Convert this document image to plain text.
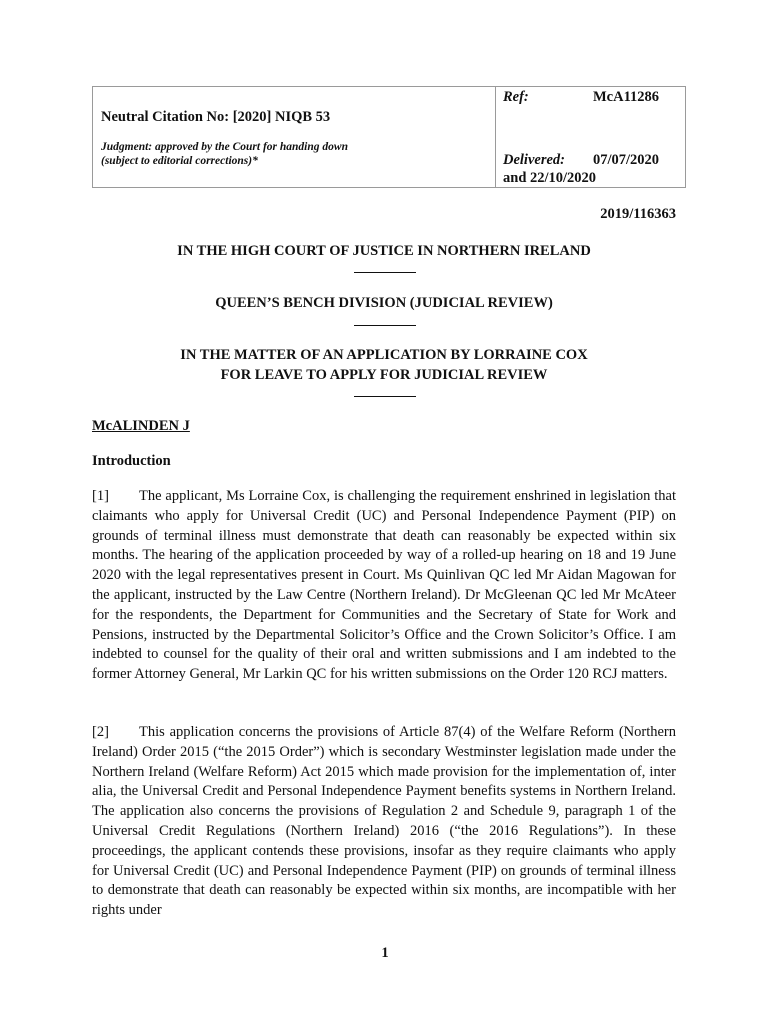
Neutral Citation No: [2020] NIQB 53
Judgment: approved by the Court for handing down
(subject to editorial corrections)*
Ref:	McA11286
Delivered: 07/07/2020
and 22/10/2020
2019/116363
IN THE HIGH COURT OF JUSTICE IN NORTHERN IRELAND
QUEEN’S BENCH DIVISION (JUDICIAL REVIEW)
IN THE MATTER OF AN APPLICATION BY LORRAINE COX
FOR LEAVE TO APPLY FOR JUDICIAL REVIEW
McALINDEN J
Introduction
[1] The applicant, Ms Lorraine Cox, is challenging the requirement enshrined in legislation that claimants who apply for Universal Credit (UC) and Personal Independence Payment (PIP) on grounds of terminal illness must demonstrate that death can reasonably be expected within six months. The hearing of the application proceeded by way of a rolled-up hearing on 18 and 19 June 2020 with the legal representatives present in Court. Ms Quinlivan QC led Mr Aidan Magowan for the applicant, instructed by the Law Centre (Northern Ireland). Dr McGleenan QC led Mr McAteer for the respondents, the Department for Communities and the Secretary of State for Work and Pensions, instructed by the Departmental Solicitor’s Office and the Crown Solicitor’s Office. I am indebted to counsel for the quality of their oral and written submissions and I am indebted to the former Attorney General, Mr Larkin QC for his written submissions on the Order 120 RCJ matters.
[2] This application concerns the provisions of Article 87(4) of the Welfare Reform (Northern Ireland) Order 2015 (“the 2015 Order”) which is secondary Westminster legislation made under the Northern Ireland (Welfare Reform) Act 2015 which made provision for the implementation of, inter alia, the Universal Credit and Personal Independence Payment benefits systems in Northern Ireland. The application also concerns the provisions of Regulation 2 and Schedule 9, paragraph 1 of the Universal Credit Regulations (Northern Ireland) 2016 (“the 2016 Regulations”). In these proceedings, the applicant contends these provisions, insofar as they require claimants who apply for Universal Credit (UC) and Personal Independence Payment (PIP) on grounds of terminal illness to demonstrate that death can reasonably be expected within six months, are incompatible with her rights under
1
